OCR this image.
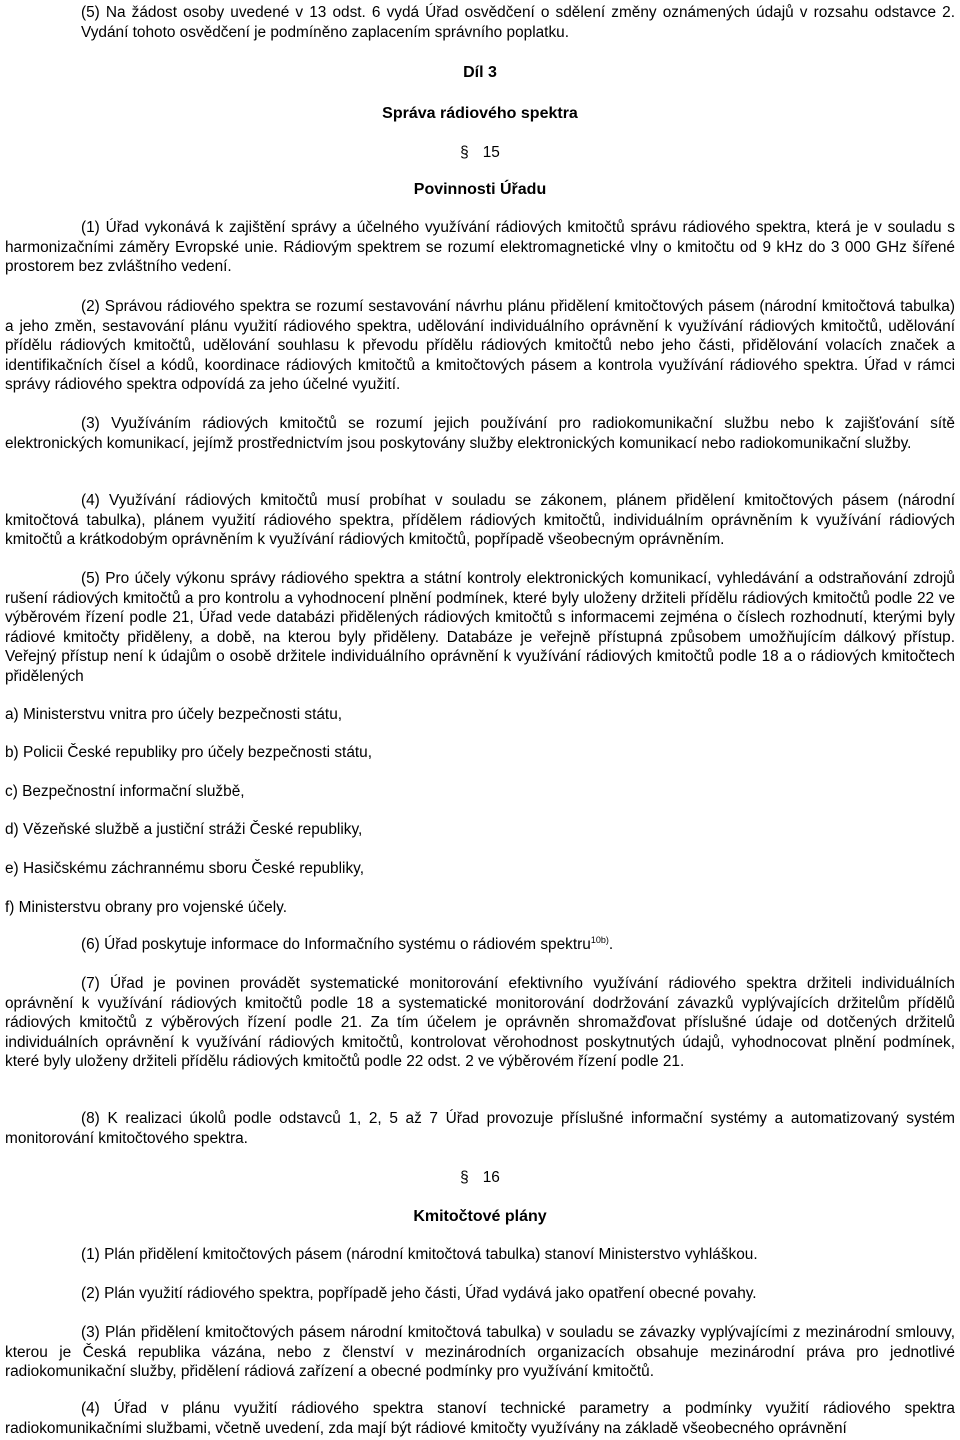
(5) Na žádost osoby uvedené v 13 odst. 6 vydá Úřad osvědčení o sdělení změny oznámených údajů v rozsahu odstavce 2. Vydání tohoto osvědčení je podmíněno zaplacením správního poplatku.

Díl 3

Správa rádiového spektra

§ 15

Povinnosti Úřadu

(1) Úřad vykonává k zajištění správy a účelného využívání rádiových kmitočtů správu rádiového spektra, která je v souladu s harmonizačními záměry Evropské unie. Rádiovým spektrem se rozumí elektromagnetické vlny o kmitočtu od 9 kHz do 3 000 GHz šířené prostorem bez zvláštního vedení.

(2) Správou rádiového spektra se rozumí sestavování návrhu plánu přidělení kmitočtových pásem (národní kmitočtová tabulka) a jeho změn, sestavování plánu využití rádiového spektra, udělování individuálního oprávnění k využívání rádiových kmitočtů, udělování přídělu rádiových kmitočtů, udělování souhlasu k převodu přídělu rádiových kmitočtů nebo jeho části, přidělování volacích značek a identifikačních čísel a kódů, koordinace rádiových kmitočtů a kmitočtových pásem a kontrola využívání rádiového spektra. Úřad v rámci správy rádiového spektra odpovídá za jeho účelné využití.

(3) Využíváním rádiových kmitočtů se rozumí jejich používání pro radiokomunikační službu nebo k zajišťování sítě elektronických komunikací, jejímž prostřednictvím jsou poskytovány služby elektronických komunikací nebo radiokomunikační služby.

(4) Využívání rádiových kmitočtů musí probíhat v souladu se zákonem, plánem přidělení kmitočtových pásem (národní kmitočtová tabulka), plánem využití rádiového spektra, přídělem rádiových kmitočtů, individuálním oprávněním k využívání rádiových kmitočtů a krátkodobým oprávněním k využívání rádiových kmitočtů, popřípadě všeobecným oprávněním.

(5) Pro účely výkonu správy rádiového spektra a státní kontroly elektronických komunikací, vyhledávání a odstraňování zdrojů rušení rádiových kmitočtů a pro kontrolu a vyhodnocení plnění podmínek, které byly uloženy držiteli přídělu rádiových kmitočtů podle 22 ve výběrovém řízení podle 21, Úřad vede databázi přidělených rádiových kmitočtů s informacemi zejména o číslech rozhodnutí, kterými byly rádiové kmitočty přiděleny, a době, na kterou byly přiděleny. Databáze je veřejně přístupná způsobem umožňujícím dálkový přístup. Veřejný přístup není k údajům o osobě držitele individuálního oprávnění k využívání rádiových kmitočtů podle 18 a o rádiových kmitočtech přidělených

a) Ministerstvu vnitra pro účely bezpečnosti státu,

b) Policii České republiky pro účely bezpečnosti státu,

c) Bezpečnostní informační službě,

d) Vězeňské službě a justiční stráži České republiky,

e) Hasičskému záchrannému sboru České republiky,

f) Ministerstvu obrany pro vojenské účely.

(6) Úřad poskytuje informace do Informačního systému o rádiovém spektru$^{10b)}$.

(7) Úřad je povinen provádět systematické monitorování efektivního využívání rádiového spektra držiteli individuálních oprávnění k využívání rádiových kmitočtů podle 18 a systematické monitorování dodržování závazků vyplývajících držitelům přídělů rádiových kmitočtů z výběrových řízení podle 21. Za tím účelem je oprávněn shromažďovat příslušné údaje od dotčených držitelů individuálních oprávnění k využívání rádiových kmitočtů, kontrolovat věrohodnost poskytnutých údajů, vyhodnocovat plnění podmínek, které byly uloženy držiteli přídělu rádiových kmitočtů podle 22 odst. 2 ve výběrovém řízení podle 21.

(8) K realizaci úkolů podle odstavců 1, 2, 5 až 7 Úřad provozuje příslušné informační systémy a automatizovaný systém monitorování kmitočtového spektra.

§ 16

Kmitočtové plány

(1) Plán přidělení kmitočtových pásem (národní kmitočtová tabulka) stanoví Ministerstvo vyhláškou.

(2) Plán využití rádiového spektra, popřípadě jeho části, Úřad vydává jako opatření obecné povahy.

(3) Plán přidělení kmitočtových pásem národní kmitočtová tabulka) v souladu se závazky vyplývajícími z mezinárodní smlouvy, kterou je Česká republika vázána, nebo z členství v mezinárodních organizacích obsahuje mezinárodní práva pro jednotlivé radiokomunikační služby, přidělení rádiová zařízení a obecné podmínky pro využívání kmitočtů.

(4) Úřad v plánu využití rádiového spektra stanoví technické parametry a podmínky využití rádiového spektra radiokomunikačními službami, včetně uvedení, zda mají být rádiové kmitočty využívány na základě všeobecného oprávnění
